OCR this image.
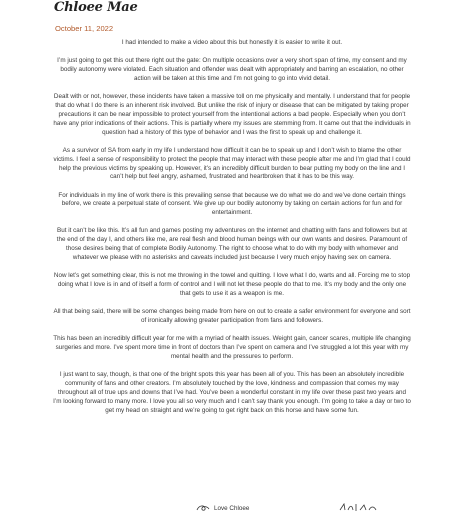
Chloee Mae
October 11, 2022

I had intended to make a video about this but honestly it is easier to write it out.

I’m just going to get this out there right out the gate: On multiple occasions over a very short span of time, my consent and my bodily autonomy were violated. Each situation and offender was dealt with appropriately and barring an escalation, no other action will be taken at this time and I’m not going to go into vivid detail.

Dealt with or not, however, these incidents have taken a massive toll on me physically and mentally. I understand that for people that do what I do there is an inherent risk involved. But unlike the risk of injury or disease that can be mitigated by taking proper precautions it can be near impossible to protect yourself from the intentional actions a bad people. Especially when you don’t have any prior indications of their actions. This is partially where my issues are stemming from. It came out that the individuals in question had a history of this type of behavior and I was the first to speak up and challenge it.

As a survivor of SA from early in my life I understand how difficult it can be to speak up and I don’t wish to blame the other victims. I feel a sense of responsibility to protect the people that may interact with these people after me and I’m glad that I could help the previous victims by speaking up. However, it’s an incredibly difficult burden to bear putting my body on the line and I can’t help but feel angry, ashamed, frustrated and heartbroken that it has to be this way.

For individuals in my line of work there is this prevailing sense that because we do what we do and we’ve done certain things before, we create a perpetual state of consent. We give up our bodily autonomy by taking on certain actions for fun and for entertainment.

But it can’t be like this. It’s all fun and games posting my adventures on the internet and chatting with fans and followers but at the end of the day I, and others like me, are real flesh and blood human beings with our own wants and desires. Paramount of those desires being that of complete Bodily Autonomy. The right to choose what to do with my body with whomever and whatever we please with no asterisks and caveats included just because I very much enjoy having sex on camera.

Now let’s get something clear, this is not me throwing in the towel and quitting. I love what I do, warts and all. Forcing me to stop doing what I love is in and of itself a form of control and I will not let these people do that to me. It’s my body and the only one that gets to use it as a weapon is me.

All that being said, there will be some changes being made from here on out to create a safer environment for everyone and sort of ironically allowing greater participation from fans and followers.

This has been an incredibly difficult year for me with a myriad of health issues. Weight gain, cancer scares, multiple life changing surgeries and more. I’ve spent more time in front of doctors than I’ve spent on camera and I’ve struggled a lot this year with my mental health and the pressures to perform.

I just want to say, though, is that one of the bright spots this year has been all of you. This has been an absolutely incredible community of fans and other creators. I’m absolutely touched by the love, kindness and compassion that comes my way throughout all of true ups and downs that I’ve had. You’ve been a wonderful constant in my life over these past two years and I’m looking forward to many more. I love you all so very much and I can’t say thank you enough. I’m going to take a day or two to get my head on straight and we’re going to get right back on this horse and have some fun.

Love Chloee
